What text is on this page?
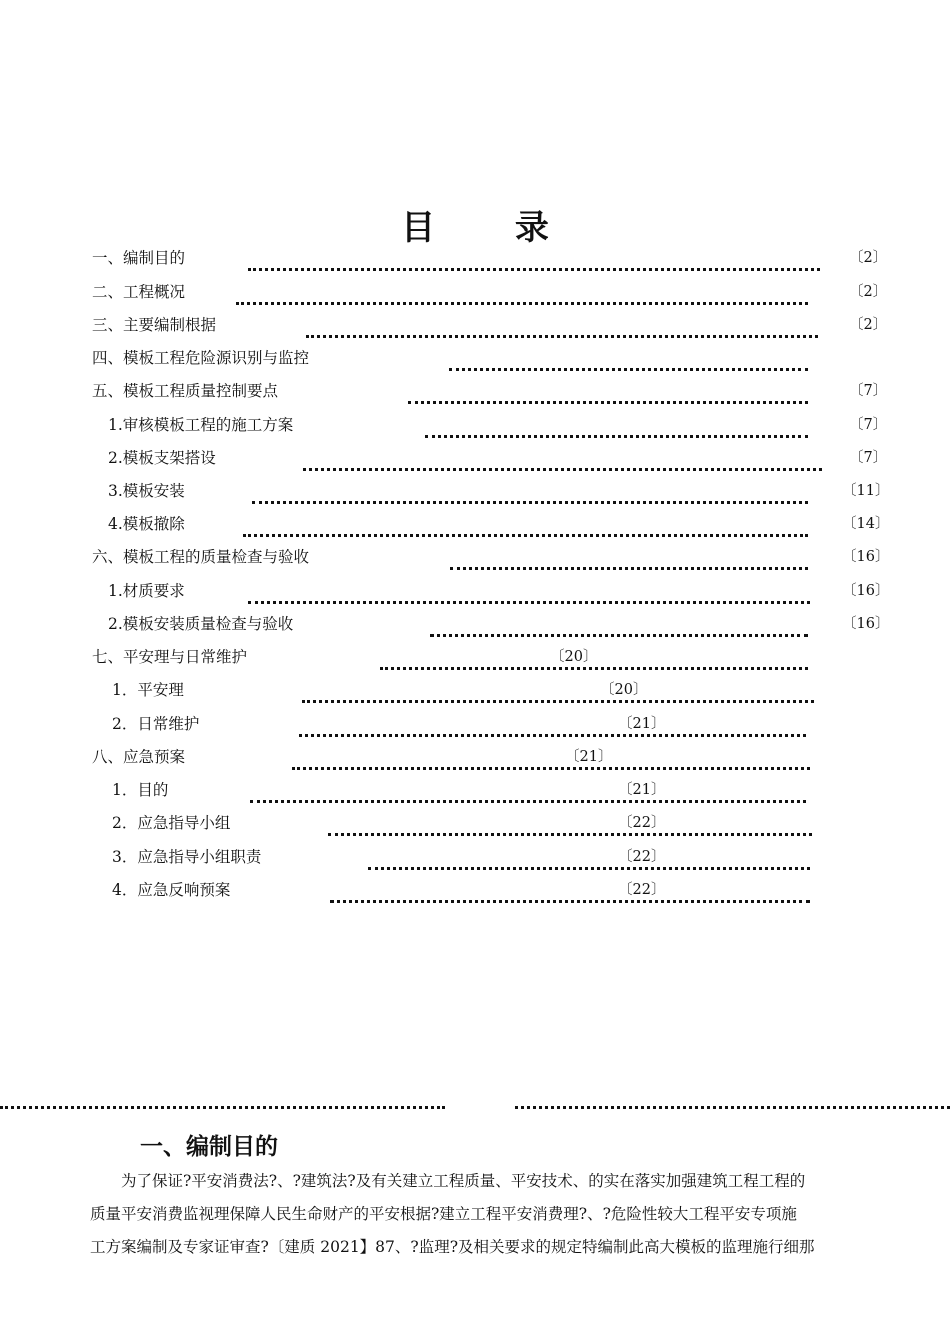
目 录
一、编制目的	〔2〕
二、工程概况	〔2〕
三、主要编制根据	〔2〕
四、模板工程危险源识别与监控
五、模板工程质量控制要点	〔7〕
1.审核模板工程的施工方案	〔7〕
2.模板支架搭设	〔7〕
3.模板安装	〔11〕
4.模板撤除	〔14〕
六、模板工程的质量检查与验收	〔16〕
1.材质要求	〔16〕
2.模板安装质量检查与验收	〔16〕
七、平安理与日常维护	〔20〕
1．平安理	〔20〕
2．日常维护	〔21〕
八、应急预案	〔21〕
1．目的	〔21〕
2．应急指导小组	〔22〕
3．应急指导小组职责	〔22〕
4．应急反响预案	〔22〕
一、编制目的
为了保证?平安消费法?、?建筑法?及有关建立工程质量、平安技术、的实在落实加强建筑工程工程的
质量平安消费监视理保障人民生命财产的平安根据?建立工程平安消费理?、?危险性较大工程平安专项施
工方案编制及专家证审查?〔建质 2021】87、?监理?及相关要求的规定特编制此高大模板的监理施行细那
